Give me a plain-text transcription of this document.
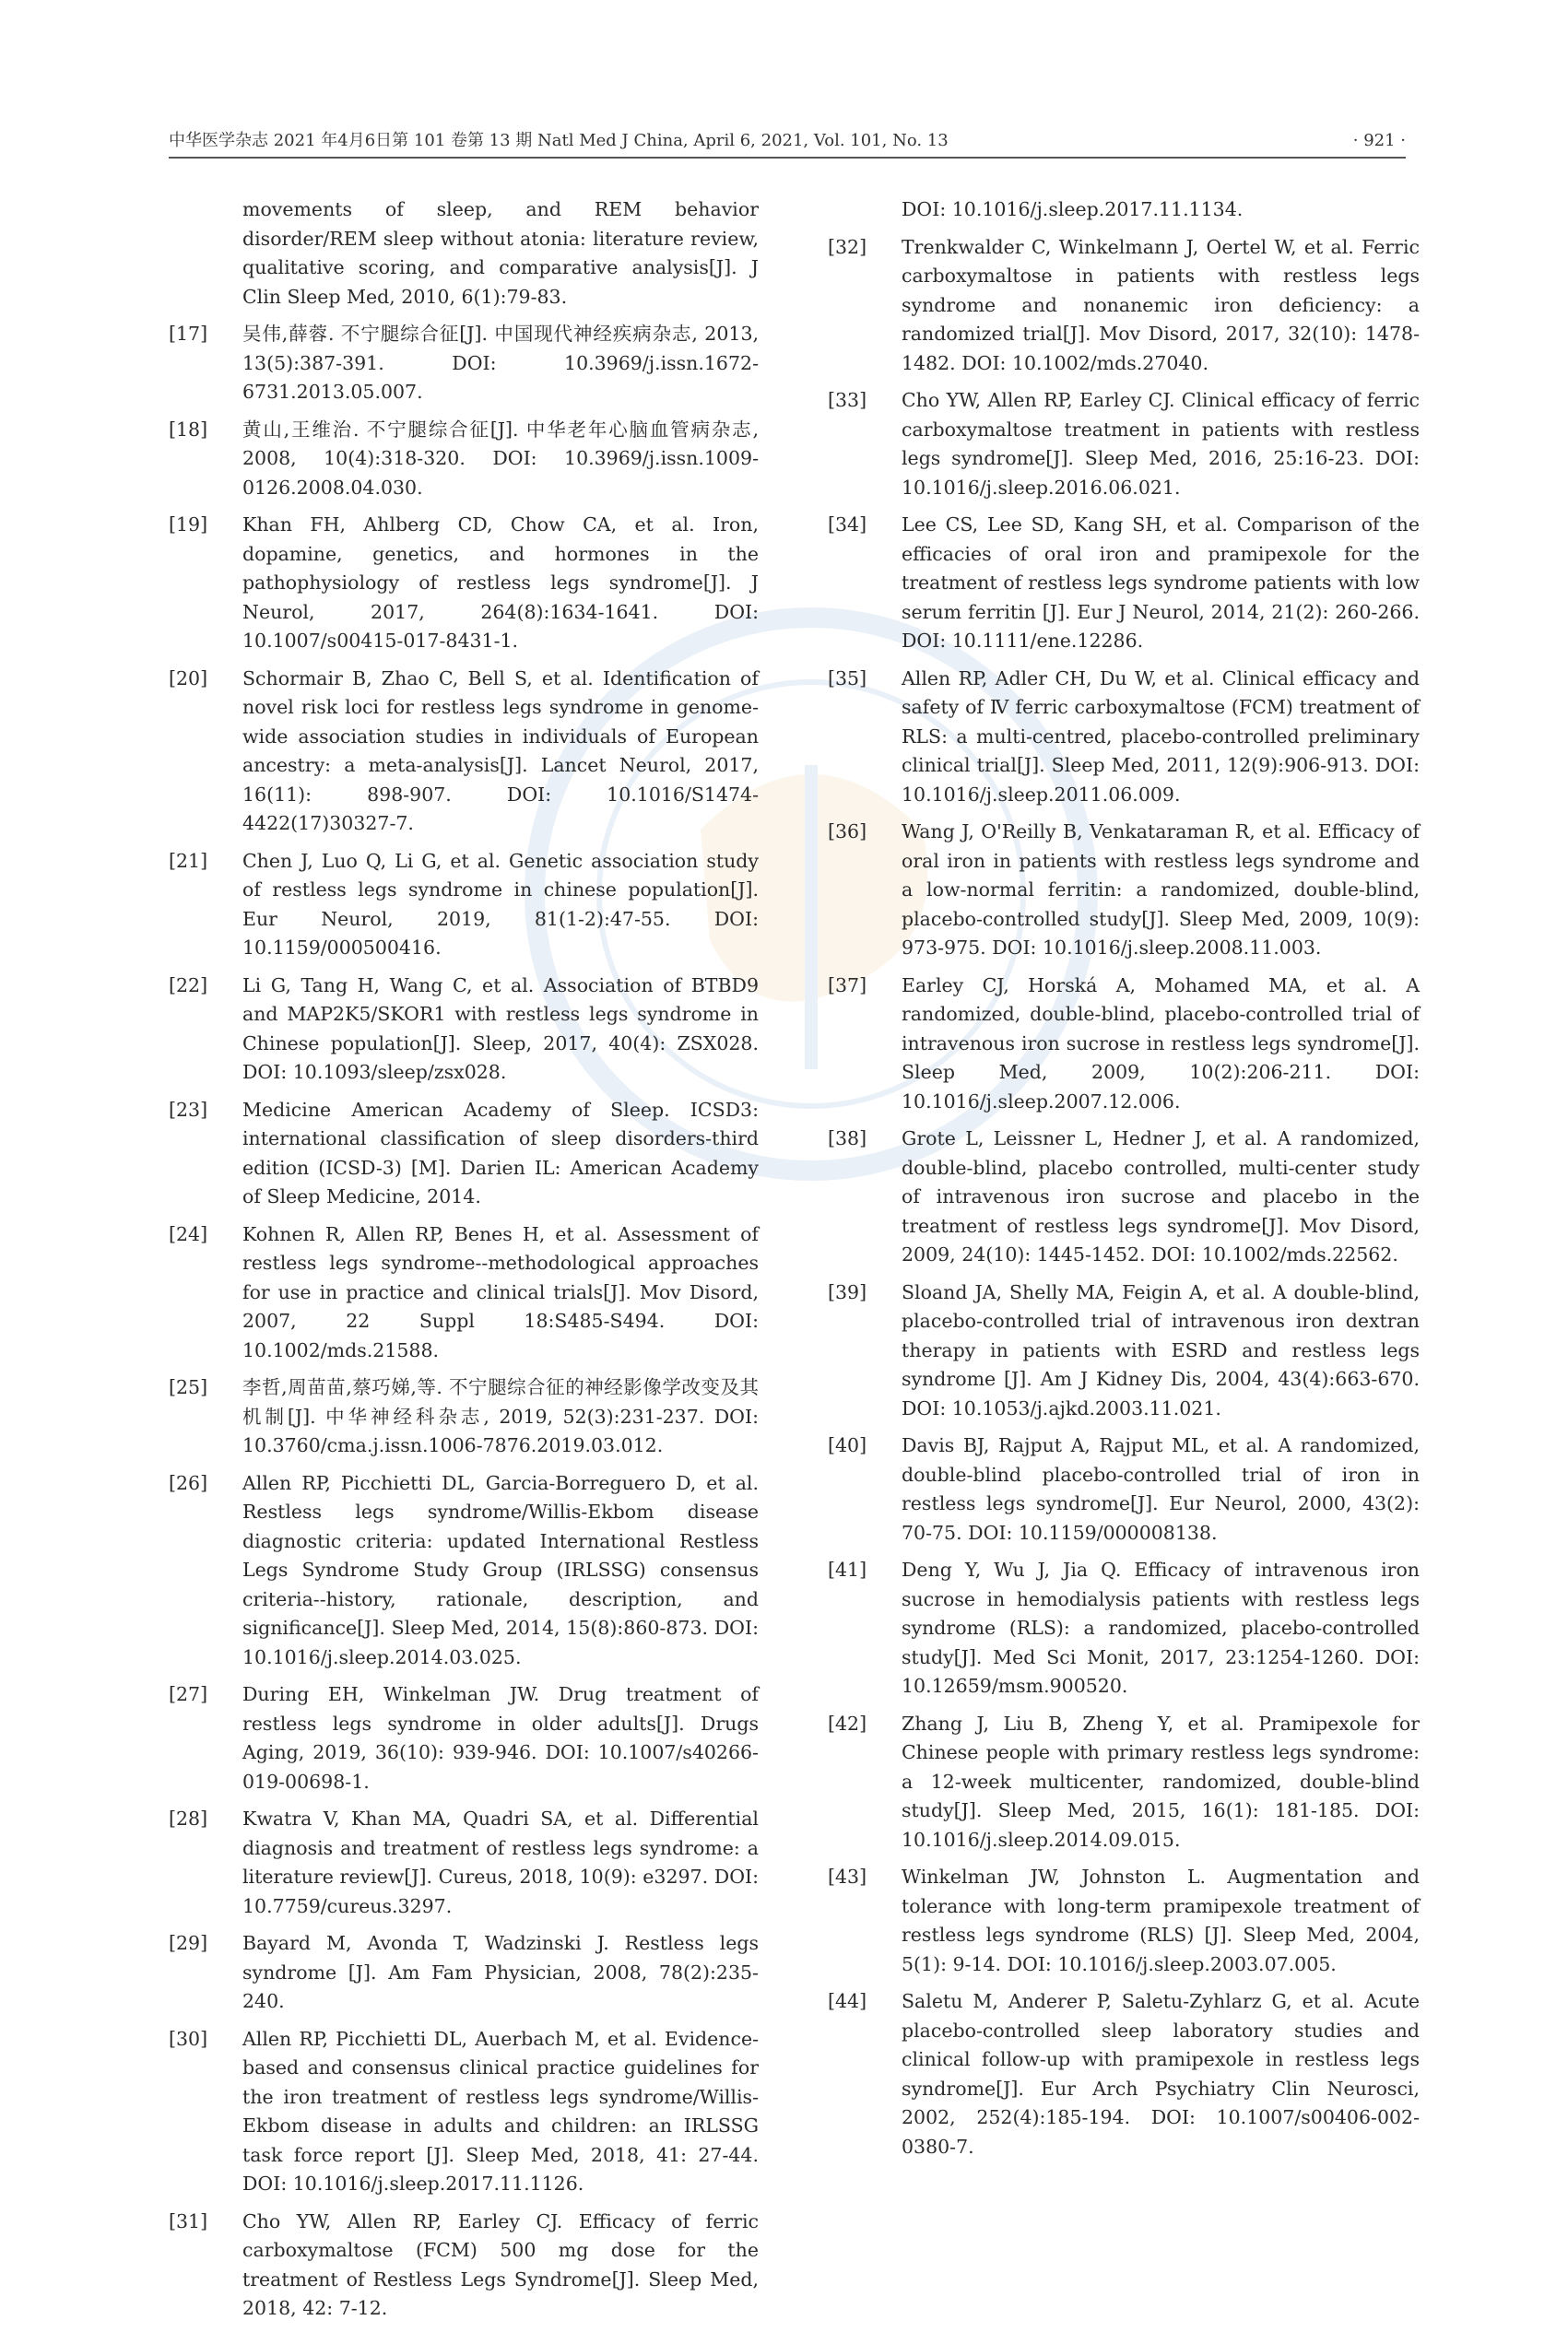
中华医学杂志 2021 年4月6日第 101 卷第 13 期 Natl Med J China, April 6, 2021, Vol. 101, No. 13	· 921 ·
movements of sleep, and REM behavior disorder/REM sleep without atonia: literature review, qualitative scoring, and comparative analysis[J]. J Clin Sleep Med, 2010, 6(1):79-83.
[17] 吴伟,薛蓉. 不宁腿综合征[J]. 中国现代神经疾病杂志, 2013, 13(5):387-391. DOI: 10.3969/j.issn.1672-6731.2013.05.007.
[18] 黄山,王维治. 不宁腿综合征[J]. 中华老年心脑血管病杂志, 2008, 10(4):318-320. DOI: 10.3969/j.issn.1009-0126.2008.04.030.
[19] Khan FH, Ahlberg CD, Chow CA, et al. Iron, dopamine, genetics, and hormones in the pathophysiology of restless legs syndrome[J]. J Neurol, 2017, 264(8):1634-1641. DOI: 10.1007/s00415-017-8431-1.
[20] Schormair B, Zhao C, Bell S, et al. Identification of novel risk loci for restless legs syndrome in genome-wide association studies in individuals of European ancestry: a meta-analysis[J]. Lancet Neurol, 2017, 16(11): 898-907. DOI: 10.1016/S1474-4422(17)30327-7.
[21] Chen J, Luo Q, Li G, et al. Genetic association study of restless legs syndrome in chinese population[J]. Eur Neurol, 2019, 81(1-2):47-55. DOI: 10.1159/000500416.
[22] Li G, Tang H, Wang C, et al. Association of BTBD9 and MAP2K5/SKOR1 with restless legs syndrome in Chinese population[J]. Sleep, 2017, 40(4): ZSX028. DOI: 10.1093/sleep/zsx028.
[23] Medicine American Academy of Sleep. ICSD3: international classification of sleep disorders-third edition (ICSD-3) [M]. Darien IL: American Academy of Sleep Medicine, 2014.
[24] Kohnen R, Allen RP, Benes H, et al. Assessment of restless legs syndrome--methodological approaches for use in practice and clinical trials[J]. Mov Disord, 2007, 22 Suppl 18:S485-S494. DOI: 10.1002/mds.21588.
[25] 李哲,周苗苗,蔡巧娣,等. 不宁腿综合征的神经影像学改变及其机制[J]. 中华神经科杂志, 2019, 52(3):231-237. DOI: 10.3760/cma.j.issn.1006-7876.2019.03.012.
[26] Allen RP, Picchietti DL, Garcia-Borreguero D, et al. Restless legs syndrome/Willis-Ekbom disease diagnostic criteria: updated International Restless Legs Syndrome Study Group (IRLSSG) consensus criteria--history, rationale, description, and significance[J]. Sleep Med, 2014, 15(8):860-873. DOI: 10.1016/j.sleep.2014.03.025.
[27] During EH, Winkelman JW. Drug treatment of restless legs syndrome in older adults[J]. Drugs Aging, 2019, 36(10): 939-946. DOI: 10.1007/s40266-019-00698-1.
[28] Kwatra V, Khan MA, Quadri SA, et al. Differential diagnosis and treatment of restless legs syndrome: a literature review[J]. Cureus, 2018, 10(9): e3297. DOI: 10.7759/cureus.3297.
[29] Bayard M, Avonda T, Wadzinski J. Restless legs syndrome [J]. Am Fam Physician, 2008, 78(2):235-240.
[30] Allen RP, Picchietti DL, Auerbach M, et al. Evidence-based and consensus clinical practice guidelines for the iron treatment of restless legs syndrome/Willis-Ekbom disease in adults and children: an IRLSSG task force report [J]. Sleep Med, 2018, 41: 27-44. DOI: 10.1016/j.sleep.2017.11.1126.
[31] Cho YW, Allen RP, Earley CJ. Efficacy of ferric carboxymaltose (FCM) 500 mg dose for the treatment of Restless Legs Syndrome[J]. Sleep Med, 2018, 42: 7-12.
DOI: 10.1016/j.sleep.2017.11.1134.
[32] Trenkwalder C, Winkelmann J, Oertel W, et al. Ferric carboxymaltose in patients with restless legs syndrome and nonanemic iron deficiency: a randomized trial[J]. Mov Disord, 2017, 32(10): 1478-1482. DOI: 10.1002/mds.27040.
[33] Cho YW, Allen RP, Earley CJ. Clinical efficacy of ferric carboxymaltose treatment in patients with restless legs syndrome[J]. Sleep Med, 2016, 25:16-23. DOI: 10.1016/j.sleep.2016.06.021.
[34] Lee CS, Lee SD, Kang SH, et al. Comparison of the efficacies of oral iron and pramipexole for the treatment of restless legs syndrome patients with low serum ferritin [J]. Eur J Neurol, 2014, 21(2): 260-266. DOI: 10.1111/ene.12286.
[35] Allen RP, Adler CH, Du W, et al. Clinical efficacy and safety of Ⅳ ferric carboxymaltose (FCM) treatment of RLS: a multi-centred, placebo-controlled preliminary clinical trial[J]. Sleep Med, 2011, 12(9):906-913. DOI: 10.1016/j.sleep.2011.06.009.
[36] Wang J, O'Reilly B, Venkataraman R, et al. Efficacy of oral iron in patients with restless legs syndrome and a low-normal ferritin: a randomized, double-blind, placebo-controlled study[J]. Sleep Med, 2009, 10(9): 973-975. DOI: 10.1016/j.sleep.2008.11.003.
[37] Earley CJ, Horská A, Mohamed MA, et al. A randomized, double-blind, placebo-controlled trial of intravenous iron sucrose in restless legs syndrome[J]. Sleep Med, 2009, 10(2):206-211. DOI: 10.1016/j.sleep.2007.12.006.
[38] Grote L, Leissner L, Hedner J, et al. A randomized, double-blind, placebo controlled, multi-center study of intravenous iron sucrose and placebo in the treatment of restless legs syndrome[J]. Mov Disord, 2009, 24(10): 1445-1452. DOI: 10.1002/mds.22562.
[39] Sloand JA, Shelly MA, Feigin A, et al. A double-blind, placebo-controlled trial of intravenous iron dextran therapy in patients with ESRD and restless legs syndrome [J]. Am J Kidney Dis, 2004, 43(4):663-670. DOI: 10.1053/j.ajkd.2003.11.021.
[40] Davis BJ, Rajput A, Rajput ML, et al. A randomized, double-blind placebo-controlled trial of iron in restless legs syndrome[J]. Eur Neurol, 2000, 43(2): 70-75. DOI: 10.1159/000008138.
[41] Deng Y, Wu J, Jia Q. Efficacy of intravenous iron sucrose in hemodialysis patients with restless legs syndrome (RLS): a randomized, placebo-controlled study[J]. Med Sci Monit, 2017, 23:1254-1260. DOI: 10.12659/msm.900520.
[42] Zhang J, Liu B, Zheng Y, et al. Pramipexole for Chinese people with primary restless legs syndrome: a 12-week multicenter, randomized, double-blind study[J]. Sleep Med, 2015, 16(1): 181-185. DOI: 10.1016/j.sleep.2014.09.015.
[43] Winkelman JW, Johnston L. Augmentation and tolerance with long-term pramipexole treatment of restless legs syndrome (RLS) [J]. Sleep Med, 2004, 5(1): 9-14. DOI: 10.1016/j.sleep.2003.07.005.
[44] Saletu M, Anderer P, Saletu-Zyhlarz G, et al. Acute placebo-controlled sleep laboratory studies and clinical follow-up with pramipexole in restless legs syndrome[J]. Eur Arch Psychiatry Clin Neurosci, 2002, 252(4):185-194. DOI: 10.1007/s00406-002-0380-7.
